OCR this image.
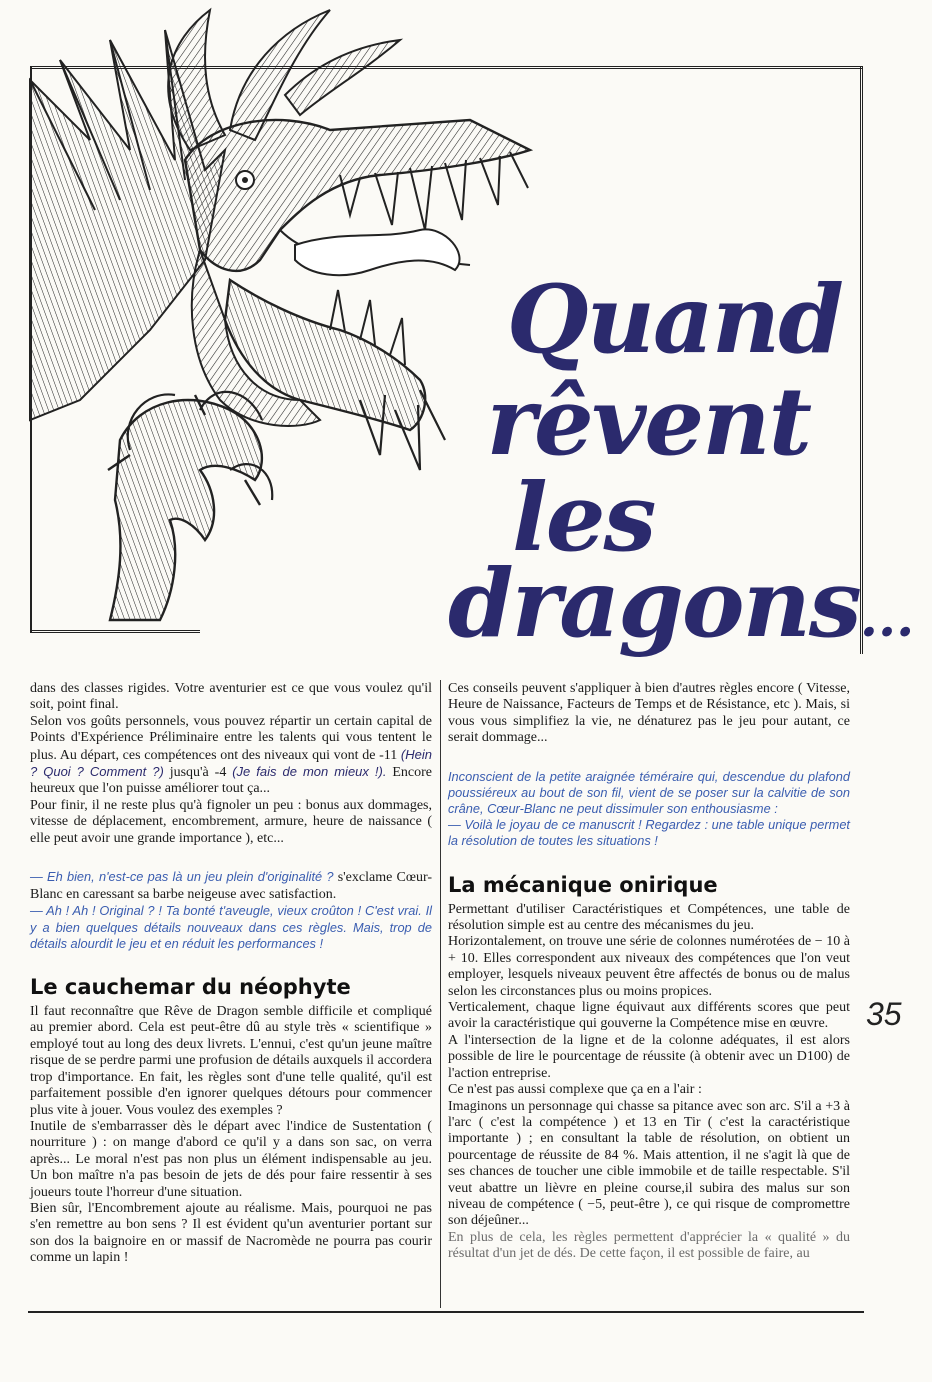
Quand
rêvent
les
dragons...
35

dans des classes rigides. Votre aventurier est ce que vous voulez qu'il soit, point final.

Selon vos goûts personnels, vous pouvez répartir un certain capital de Points d'Expérience Préliminaire entre les talents qui vous tentent le plus. Au départ, ces compétences ont des niveaux qui vont de -11 (Hein ? Quoi ? Comment ?) jusqu'à -4 (Je fais de mon mieux !). Encore heureux que l'on puisse améliorer tout ça...

Pour finir, il ne reste plus qu'à fignoler un peu : bonus aux dommages, vitesse de déplacement, encombrement, armure, heure de naissance ( elle peut avoir une grande importance ), etc...

— Eh bien, n'est-ce pas là un jeu plein d'originalité ? s'exclame Cœur-Blanc en caressant sa barbe neigeuse avec satisfaction.

— Ah ! Ah ! Original ? ! Ta bonté t'aveugle, vieux croûton ! C'est vrai. Il y a bien quelques détails nouveaux dans ces règles. Mais, trop de détails alourdit le jeu et en réduit les performances !

Le cauchemar du néophyte

Il faut reconnaître que Rêve de Dragon semble difficile et compliqué au premier abord. Cela est peut-être dû au style très « scientifique » employé tout au long des deux livrets. L'ennui, c'est qu'un jeune maître risque de se perdre parmi une profusion de détails auxquels il accordera trop d'importance. En fait, les règles sont d'une telle qualité, qu'il est parfaitement possible d'en ignorer quelques détours pour commencer plus vite à jouer. Vous voulez des exemples ?

Inutile de s'embarrasser dès le départ avec l'indice de Sustentation ( nourriture ) : on mange d'abord ce qu'il y a dans son sac, on verra après... Le moral n'est pas non plus un élément indispensable au jeu. Un bon maître n'a pas besoin de jets de dés pour faire ressentir à ses joueurs toute l'horreur d'une situation.

Bien sûr, l'Encombrement ajoute au réalisme. Mais, pourquoi ne pas s'en remettre au bon sens ? Il est évident qu'un aventurier portant sur son dos la baignoire en or massif de Nacromède ne pourra pas courir comme un lapin !

Ces conseils peuvent s'appliquer à bien d'autres règles encore ( Vitesse, Heure de Naissance, Facteurs de Temps et de Résistance, etc ). Mais, si vous vous simplifiez la vie, ne dénaturez pas le jeu pour autant, ce serait dommage...

Inconscient de la petite araignée téméraire qui, descendue du plafond poussiéreux au bout de son fil, vient de se poser sur la calvitie de son crâne, Cœur-Blanc ne peut dissimuler son enthousiasme :

— Voilà le joyau de ce manuscrit ! Regardez : une table unique permet la résolution de toutes les situations !

La mécanique onirique

Permettant d'utiliser Caractéristiques et Compétences, une table de résolution simple est au centre des mécanismes du jeu.

Horizontalement, on trouve une série de colonnes numérotées de − 10 à + 10. Elles correspondent aux niveaux des compétences que l'on veut employer, lesquels niveaux peuvent être affectés de bonus ou de malus selon les circonstances plus ou moins propices.

Verticalement, chaque ligne équivaut aux différents scores que peut avoir la caractéristique qui gouverne la Compétence mise en œuvre.

A l'intersection de la ligne et de la colonne adéquates, il est alors possible de lire le pourcentage de réussite (à obtenir avec un D100) de l'action entreprise.

Ce n'est pas aussi complexe que ça en a l'air :

Imaginons un personnage qui chasse sa pitance avec son arc. S'il a +3 à l'arc ( c'est la compétence ) et 13 en Tir ( c'est la caractéristique importante ) ; en consultant la table de résolution, on obtient un pourcentage de réussite de 84 %. Mais attention, il ne s'agit là que de ses chances de toucher une cible immobile et de taille respectable. S'il veut abattre un lièvre en pleine course,il subira des malus sur son niveau de compétence ( −5, peut-être ), ce qui risque de compromettre son déjeûner...

En plus de cela, les règles permettent d'apprécier la « qualité » du résultat d'un jet de dés. De cette façon, il est possible de faire, au
